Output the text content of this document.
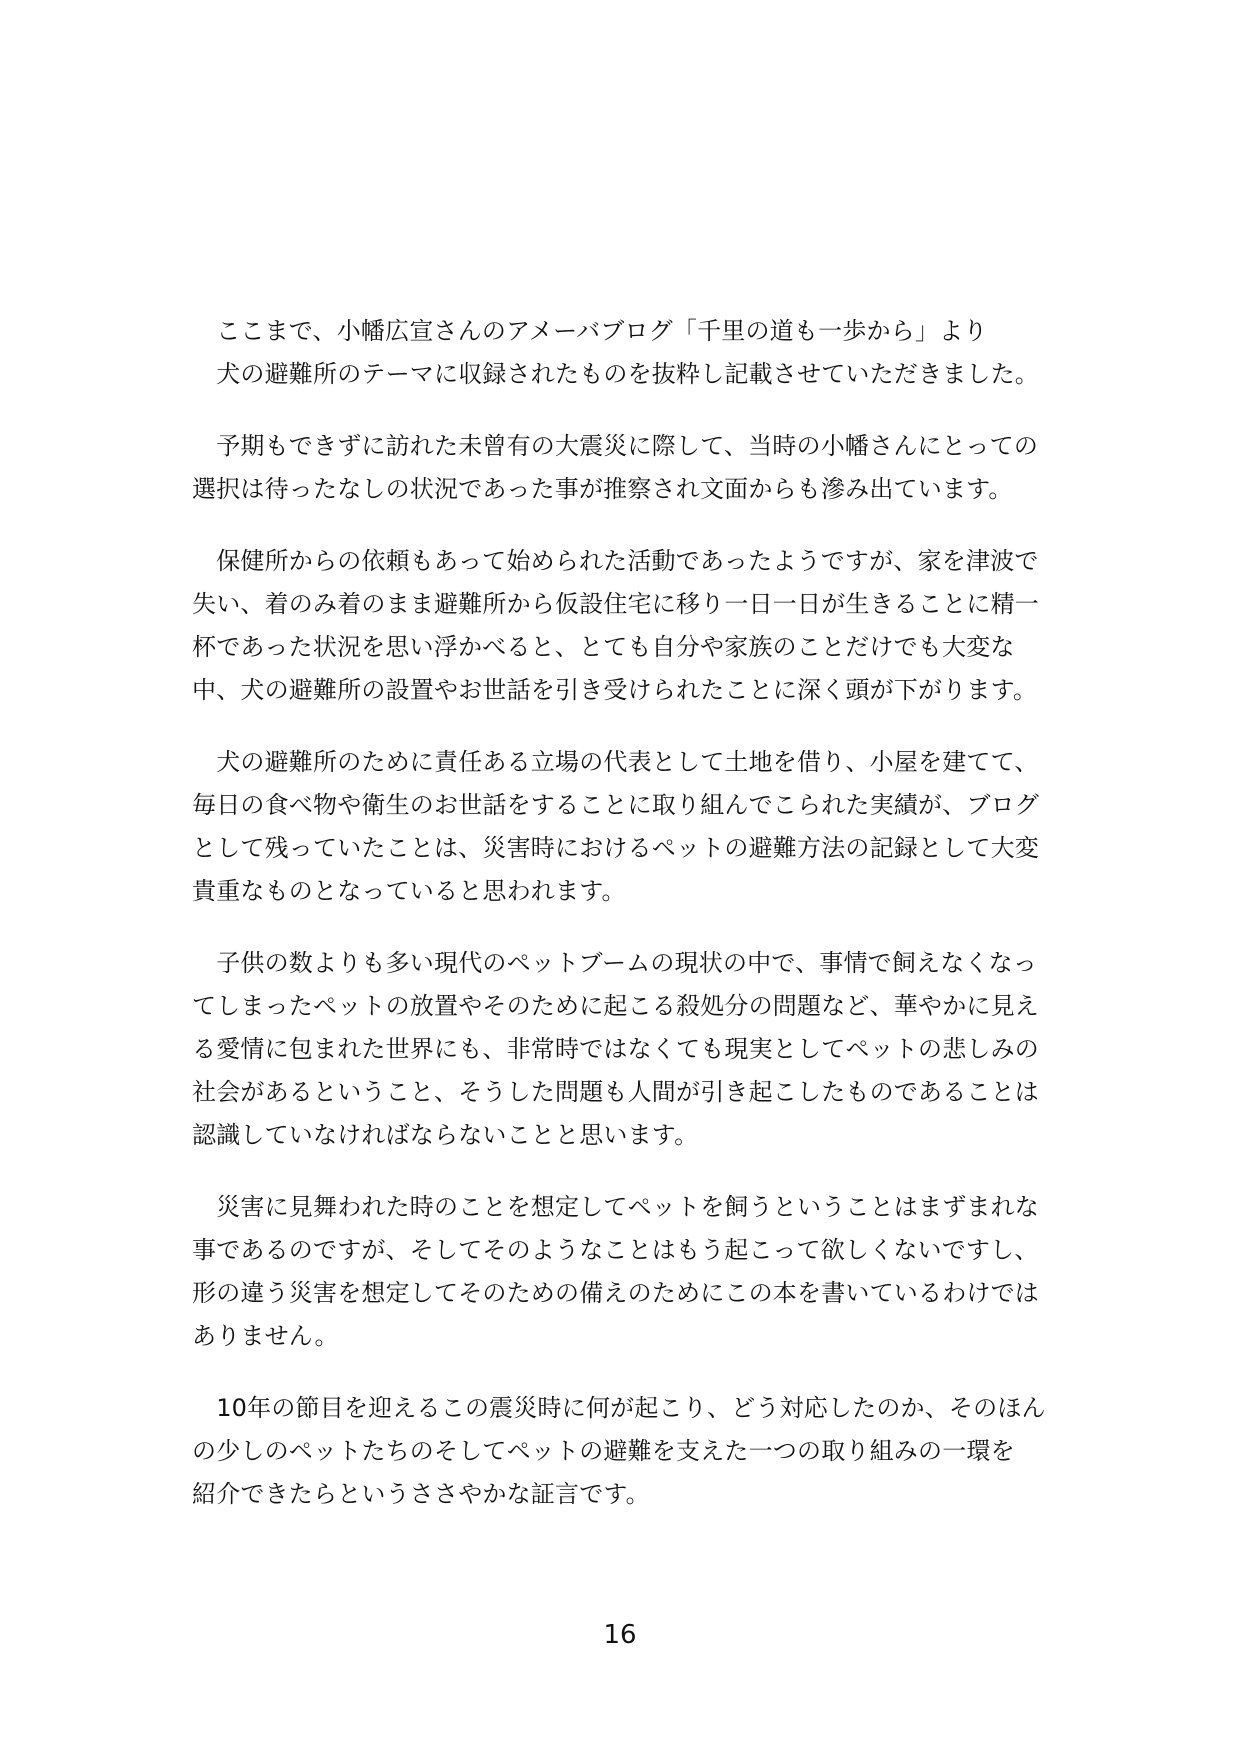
　ここまで、小幡広宣さんのアメーバブログ「千里の道も一歩から」より
　犬の避難所のテーマに収録されたものを抜粋し記載させていただきました。

　予期もできずに訪れた未曾有の大震災に際して、当時の小幡さんにとっての
選択は待ったなしの状況であった事が推察され文面からも滲み出ています。

　保健所からの依頼もあって始められた活動であったようですが、家を津波で
失い、着のみ着のまま避難所から仮設住宅に移り一日一日が生きることに精一
杯であった状況を思い浮かべると、とても自分や家族のことだけでも大変な
中、犬の避難所の設置やお世話を引き受けられたことに深く頭が下がります。

　犬の避難所のために責任ある立場の代表として土地を借り、小屋を建てて、
毎日の食べ物や衛生のお世話をすることに取り組んでこられた実績が、ブログ
として残っていたことは、災害時におけるペットの避難方法の記録として大変
貴重なものとなっていると思われます。

　子供の数よりも多い現代のペットブームの現状の中で、事情で飼えなくなっ
てしまったペットの放置やそのために起こる殺処分の問題など、華やかに見え
る愛情に包まれた世界にも、非常時ではなくても現実としてペットの悲しみの
社会があるということ、そうした問題も人間が引き起こしたものであることは
認識していなければならないことと思います。

　災害に見舞われた時のことを想定してペットを飼うということはまずまれな
事であるのですが、そしてそのようなことはもう起こって欲しくないですし、
形の違う災害を想定してそのための備えのためにこの本を書いているわけでは
ありません。

　10年の節目を迎えるこの震災時に何が起こり、どう対応したのか、そのほん
の少しのペットたちのそしてペットの避難を支えた一つの取り組みの一環を
紹介できたらというささやかな証言です。

16
